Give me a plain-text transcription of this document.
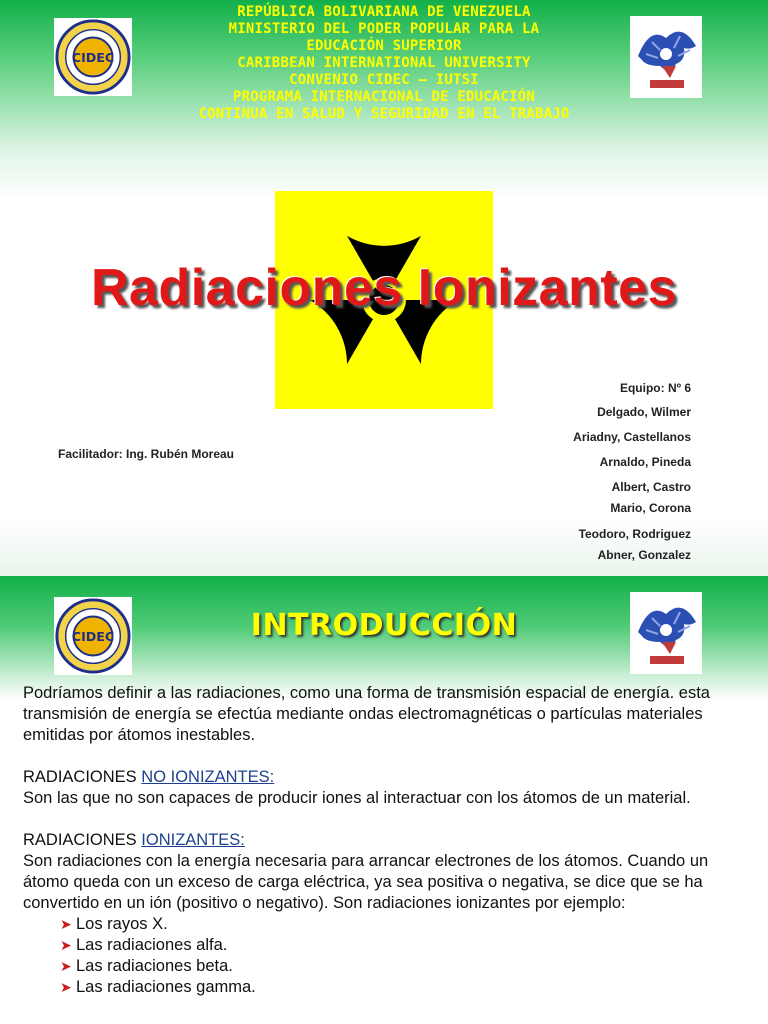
REPÚBLICA BOLIVARIANA DE VENEZUELA
MINISTERIO DEL PODER POPULAR PARA LA
EDUCACIÓN SUPERIOR
CARIBBEAN INTERNATIONAL UNIVERSITY
CONVENIO CIDEC – IUTSI
PROGRAMA INTERNACIONAL DE EDUCACIÓN
CONTINUA EN SALUD Y SEGURIDAD EN EL TRABAJO
CIDEC
Radiaciones Ionizantes
Facilitador: Ing. Rubén Moreau
Equipo: Nº 6
Delgado, Wilmer
Ariadny, Castellanos
Arnaldo, Pineda
Albert, Castro
Mario, Corona
Teodoro, Rodriguez
Abner, Gonzalez
CIDEC	INTRODUCCIÓN

Podríamos definir a las radiaciones, como una forma de transmisión espacial de energía. esta transmisión de energía se efectúa mediante ondas electromagnéticas o partículas materiales emitidas por átomos inestables.

RADIACIONES NO IONIZANTES:

Son las que no son capaces de producir iones al interactuar con los átomos de un material.

RADIACIONES IONIZANTES:

Son radiaciones con la energía necesaria para arrancar electrones de los átomos. Cuando un átomo queda con un exceso de carga eléctrica, ya sea positiva o negativa, se dice que se ha convertido en un ión (positivo o negativo). Son radiaciones ionizantes por ejemplo:

➤ Los rayos X.
➤ Las radiaciones alfa.
➤ Las radiaciones beta.
➤ Las radiaciones gamma.
